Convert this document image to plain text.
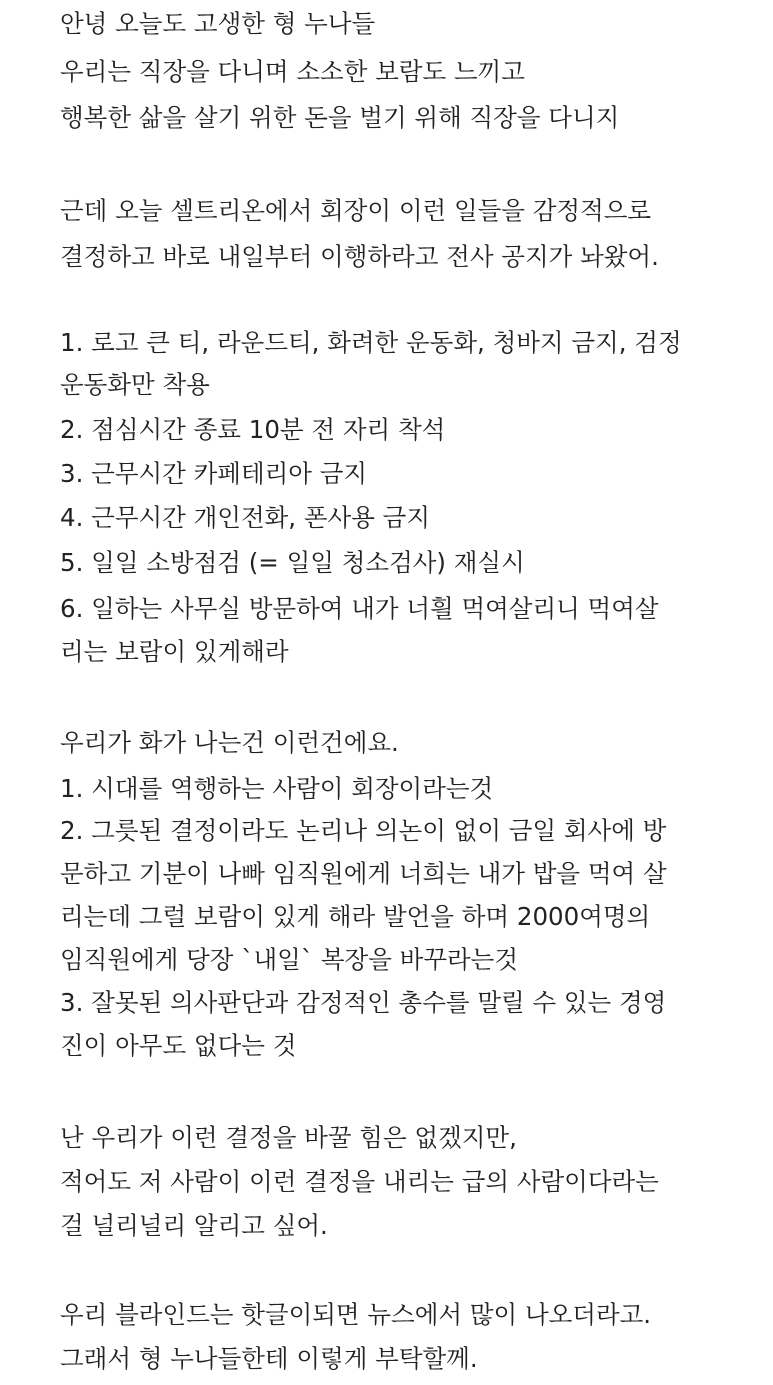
안녕 오늘도 고생한 형 누나들
우리는 직장을 다니며 소소한 보람도 느끼고
행복한 삶을 살기 위한 돈을 벌기 위해 직장을 다니지
근데 오늘 셀트리온에서 회장이 이런 일들을 감정적으로
결정하고 바로 내일부터 이행하라고 전사 공지가 놔왔어.
1. 로고 큰 티, 라운드티, 화려한 운동화, 청바지 금지, 검정
운동화만 착용
2. 점심시간 종료 10분 전 자리 착석
3. 근무시간 카페테리아 금지
4. 근무시간 개인전화, 폰사용 금지
5. 일일 소방점검 (= 일일 청소검사) 재실시
6. 일하는 사무실 방문하여 내가 너흴 먹여살리니 먹여살
리는 보람이 있게해라
우리가 화가 나는건 이런건에요.
1. 시대를 역행하는 사람이 회장이라는것
2. 그릇된 결정이라도 논리나 의논이 없이 금일 회사에 방
문하고 기분이 나빠 임직원에게 너희는 내가 밥을 먹여 살
리는데 그럴 보람이 있게 해라 발언을 하며 2000여명의
임직원에게 당장 `내일` 복장을 바꾸라는것
3. 잘못된 의사판단과 감정적인 총수를 말릴 수 있는 경영
진이 아무도 없다는 것
난 우리가 이런 결정을 바꿀 힘은 없겠지만,
적어도 저 사람이 이런 결정을 내리는 급의 사람이다라는
걸 널리널리 알리고 싶어.
우리 블라인드는 핫글이되면 뉴스에서 많이 나오더라고.
그래서 형 누나들한테 이렇게 부탁할께.
